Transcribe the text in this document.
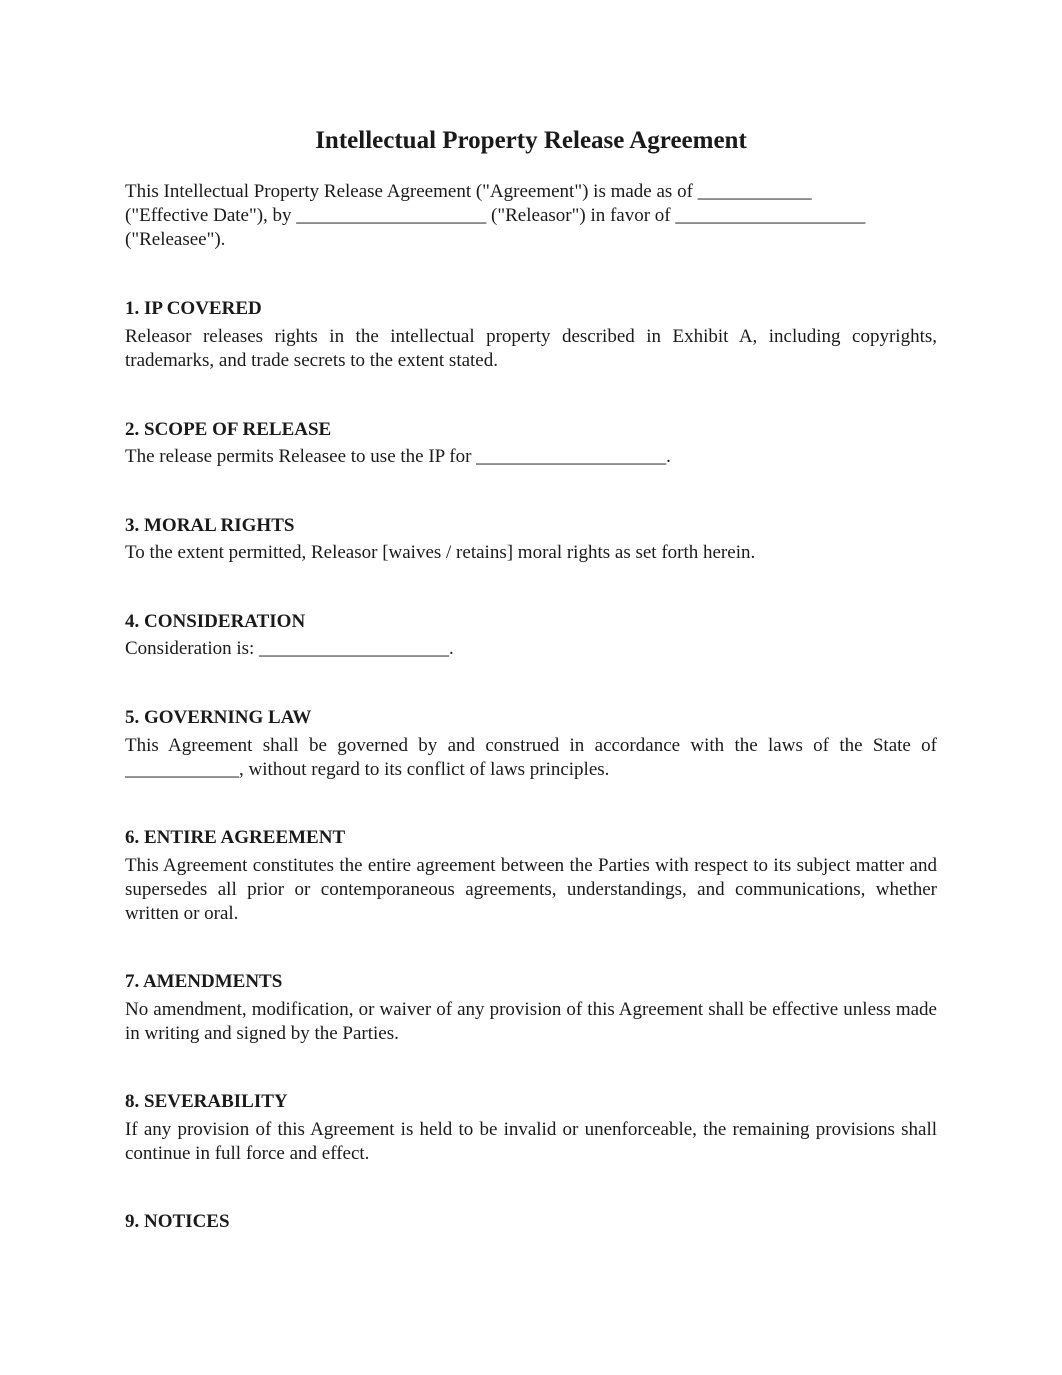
Intellectual Property Release Agreement
This Intellectual Property Release Agreement ("Agreement") is made as of ____________
("Effective Date"), by ____________________ ("Releasor") in favor of ____________________
("Releasee").
1. IP COVERED

Releasor releases rights in the intellectual property described in Exhibit A, including copyrights, trademarks, and trade secrets to the extent stated.

2. SCOPE OF RELEASE

The release permits Releasee to use the IP for ____________________.

3. MORAL RIGHTS

To the extent permitted, Releasor [waives / retains] moral rights as set forth herein.

4. CONSIDERATION

Consideration is: ____________________.

5. GOVERNING LAW

This Agreement shall be governed by and construed in accordance with the laws of the State of ____________, without regard to its conflict of laws principles.

6. ENTIRE AGREEMENT

This Agreement constitutes the entire agreement between the Parties with respect to its subject matter and supersedes all prior or contemporaneous agreements, understandings, and communications, whether written or oral.

7. AMENDMENTS

No amendment, modification, or waiver of any provision of this Agreement shall be effective unless made in writing and signed by the Parties.

8. SEVERABILITY

If any provision of this Agreement is held to be invalid or unenforceable, the remaining provisions shall continue in full force and effect.

9. NOTICES
